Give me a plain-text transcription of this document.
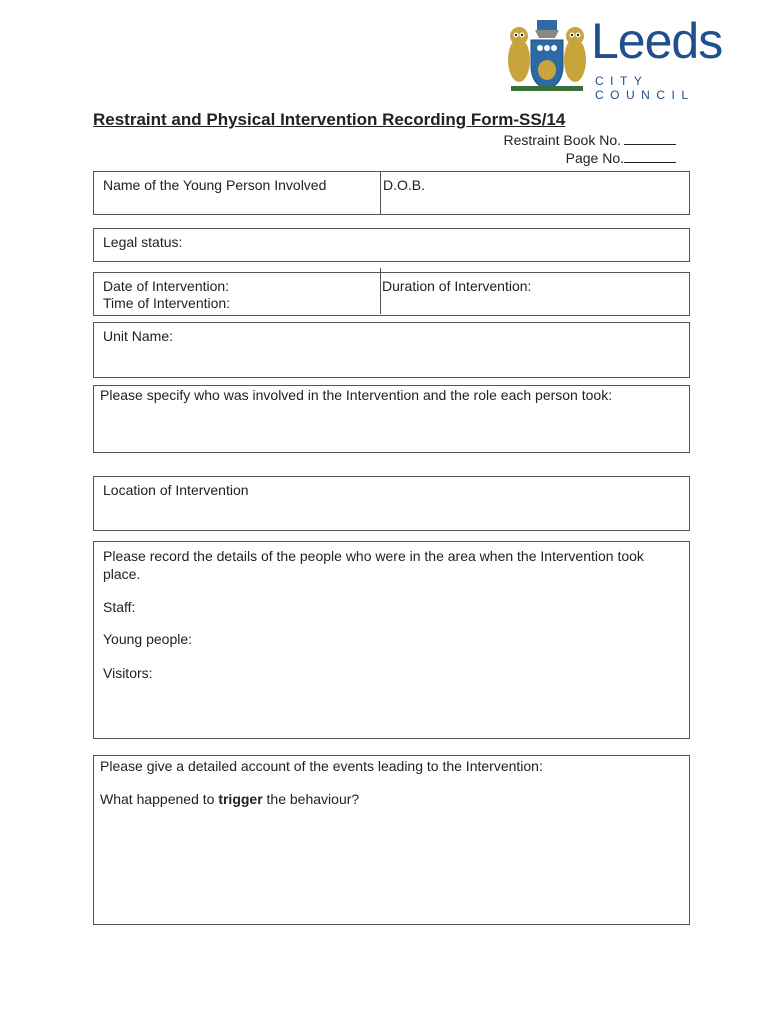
Leeds
CITY COUNCIL
Restraint and Physical Intervention Recording Form-SS/14
Restraint Book No.
Page No.
Name of the Young Person Involved	D.O.B.
Legal status:

Date of Intervention:

Time of Intervention:

Duration of Intervention:
Unit Name:
Please specify who was involved in the Intervention and the role each person took:
Location of Intervention
Please record the details of the people who were in the area when the Intervention took place.
Staff:
Young people:
Visitors:
Please give a detailed account of the events leading to the Intervention:
What happened to trigger the behaviour?
